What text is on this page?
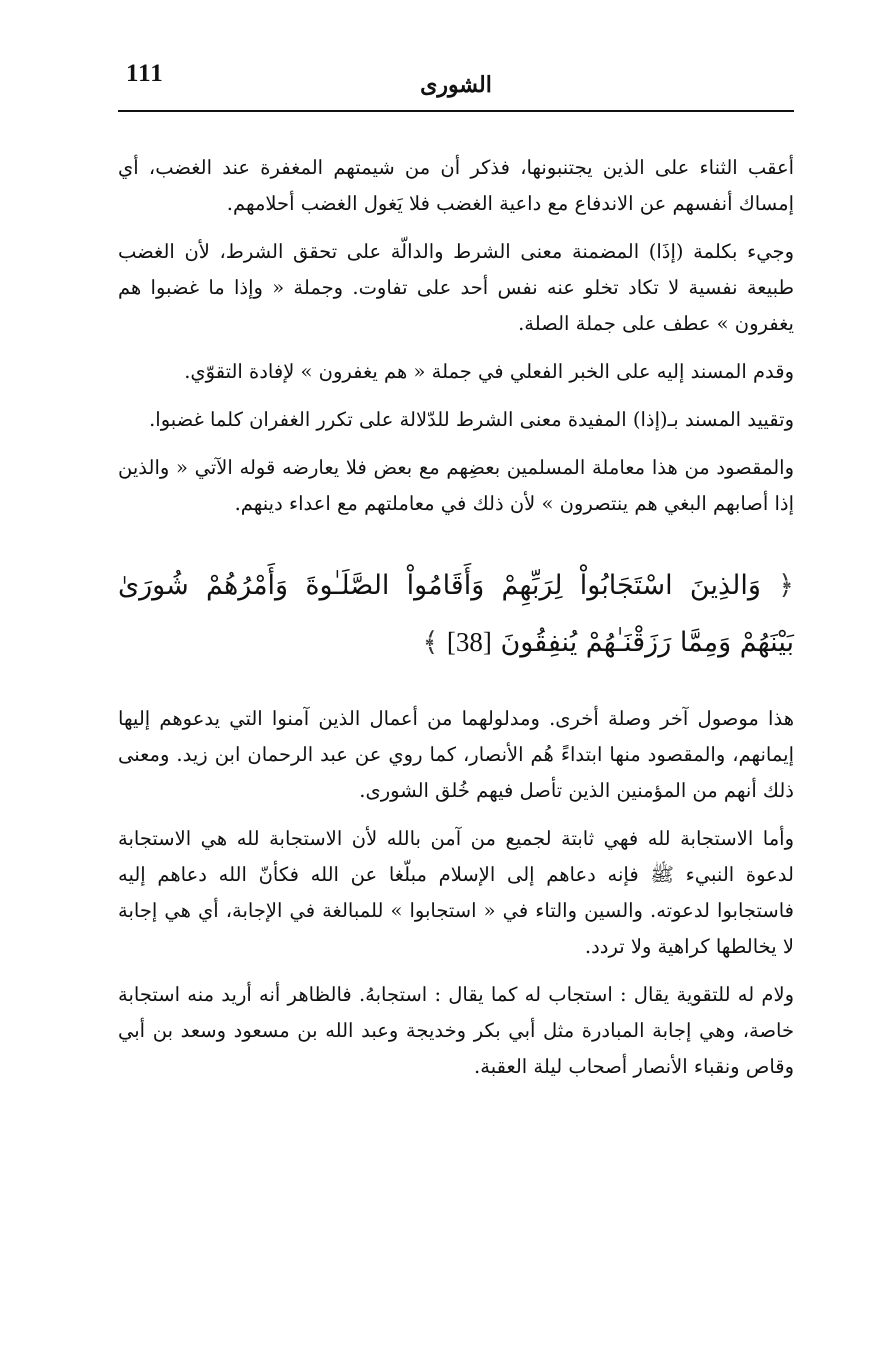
111	الشورى

أعقب الثناء على الذين يجتنبونها، فذكر أن من شيمتهم المغفرة عند الغضب، أي إمساك أنفسهم عن الاندفاع مع داعية الغضب فلا يَغول الغضب أحلامهم.

وجيء بكلمة (إذَا) المضمنة معنى الشرط والدالّة على تحقق الشرط، لأن الغضب طبيعة نفسية لا تكاد تخلو عنه نفس أحد على تفاوت. وجملة « وإذا ما غضبوا هم يغفرون » عطف على جملة الصلة.

وقدم المسند إليه على الخبر الفعلي في جملة « هم يغفرون » لإفادة التقوّي.

وتقييد المسند بـ(إذا) المفيدة معنى الشرط للدّلالة على تكرر الغفران كلما غضبوا.

والمقصود من هذا معاملة المسلمين بعضِهم مع بعض فلا يعارضه قوله الآتي « والذين إذا أصابهم البغي هم ينتصرون » لأن ذلك في معاملتهم مع اعداء دينهم.

﴿ وَالذِينَ اسْتَجَابُواْ لِرَبِّهِمْ وَأَقَامُواْ الصَّلَـٰوةَ وَأَمْرُهُمْ شُورَىٰ بَيْنَهُمْ وَمِمَّا رَزَقْنَـٰهُمْ يُنفِقُونَ [38] ﴾

هذا موصول آخر وصلة أخرى. ومدلولهما من أعمال الذين آمنوا التي يدعوهم إليها إيمانهم، والمقصود منها ابتداءً هُم الأنصار، كما روي عن عبد الرحمان ابن زيد. ومعنى ذلك أنهم من المؤمنين الذين تأصل فيهم خُلق الشورى.

وأما الاستجابة لله فهي ثابتة لجميع من آمن بالله لأن الاستجابة لله هي الاستجابة لدعوة النبيء ﷺ فإنه دعاهم إلى الإسلام مبلّغا عن الله فكأنّ الله دعاهم إليه فاستجابوا لدعوته. والسين والتاء في « استجابوا » للمبالغة في الإجابة، أي هي إجابة لا يخالطها كراهية ولا تردد.

ولام له للتقوية يقال : استجاب له كما يقال : استجابهُ. فالظاهر أنه أريد منه استجابة خاصة، وهي إجابة المبادرة مثل أبي بكر وخديجة وعبد الله بن مسعود وسعد بن أبي وقاص ونقباء الأنصار أصحاب ليلة العقبة.
